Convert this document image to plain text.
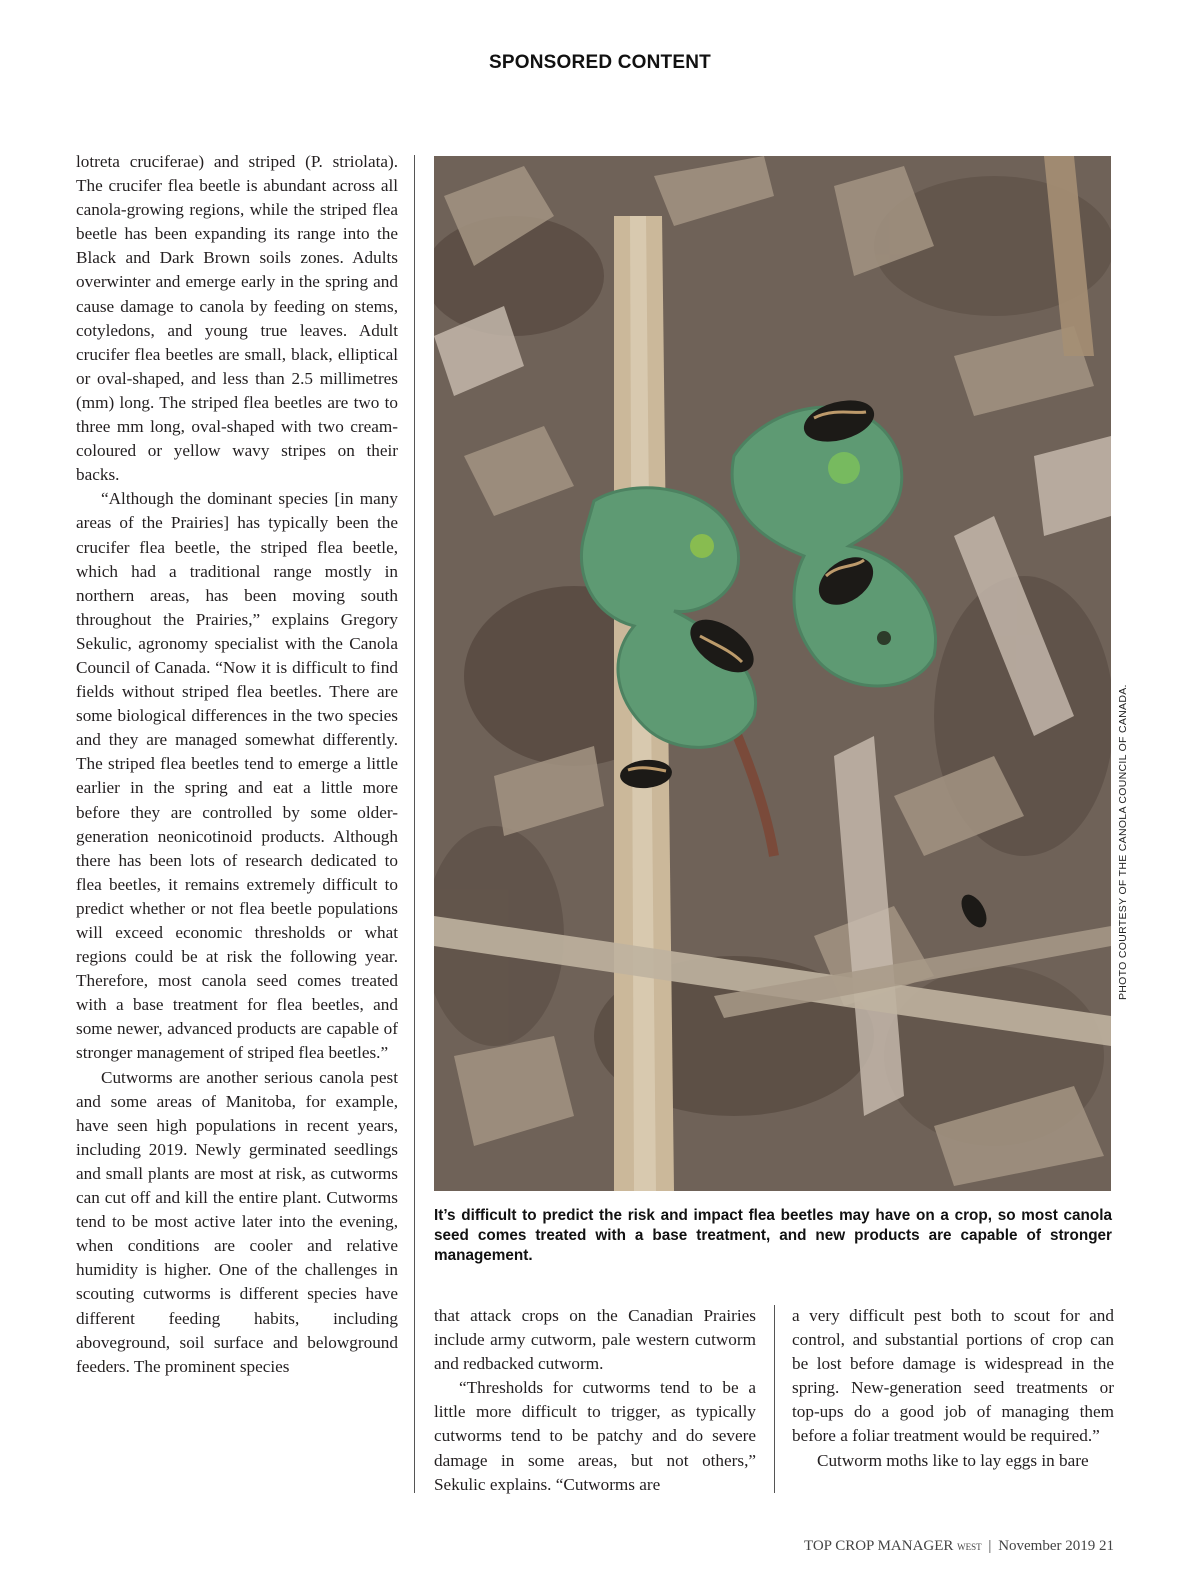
SPONSORED CONTENT

lotreta cruciferae) and striped (P. striolata). The crucifer flea beetle is abundant across all canola-growing regions, while the striped flea beetle has been expanding its range into the Black and Dark Brown soils zones. Adults overwinter and emerge early in the spring and cause damage to canola by feeding on stems, cotyledons, and young true leaves. Adult crucifer flea beetles are small, black, elliptical or oval-shaped, and less than 2.5 millimetres (mm) long. The striped flea beetles are two to three mm long, oval-shaped with two cream-coloured or yellow wavy stripes on their backs.

“Although the dominant species [in many areas of the Prairies] has typically been the crucifer flea beetle, the striped flea beetle, which had a traditional range mostly in northern areas, has been moving south throughout the Prairies,” explains Gregory Sekulic, agronomy specialist with the Canola Council of Canada. “Now it is difficult to find fields without striped flea beetles. There are some biological differences in the two species and they are managed somewhat differently. The striped flea beetles tend to emerge a little earlier in the spring and eat a little more before they are controlled by some older-generation neonicotinoid products. Although there has been lots of research dedicated to flea beetles, it remains extremely difficult to predict whether or not flea beetle populations will exceed economic thresholds or what regions could be at risk the following year. Therefore, most canola seed comes treated with a base treatment for flea beetles, and some newer, advanced products are capable of stronger management of striped flea beetles.”

Cutworms are another serious canola pest and some areas of Manitoba, for example, have seen high populations in recent years, including 2019. Newly germinated seedlings and small plants are most at risk, as cutworms can cut off and kill the entire plant. Cutworms tend to be most active later into the evening, when conditions are cooler and relative humidity is higher. One of the challenges in scouting cutworms is different species have different feeding habits, including aboveground, soil surface and belowground feeders. The prominent species

PHOTO COURTESY OF THE CANOLA COUNCIL OF CANADA.
It’s difficult to predict the risk and impact flea beetles may have on a crop, so most canola seed comes treated with a base treatment, and new products are capable of stronger management.

that attack crops on the Canadian Prairies include army cutworm, pale western cutworm and redbacked cutworm.

“Thresholds for cutworms tend to be a little more difficult to trigger, as typically cutworms tend to be patchy and do severe damage in some areas, but not others,” Sekulic explains. “Cutworms are

a very difficult pest both to scout for and control, and substantial portions of crop can be lost before damage is widespread in the spring. New-generation seed treatments or top-ups do a good job of managing them before a foliar treatment would be required.”

Cutworm moths like to lay eggs in bare

TOP CROP MANAGER west | November 2019 21
